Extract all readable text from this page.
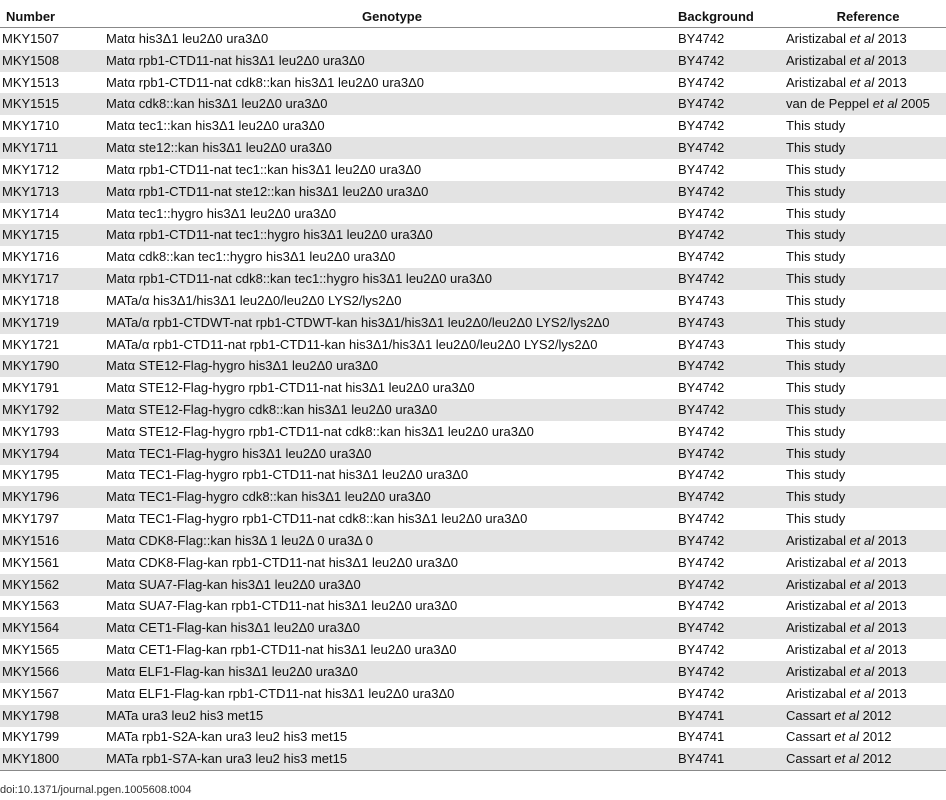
Number	Genotype	Background	Reference
MKY1507	Matα his3Δ1 leu2Δ0 ura3Δ0	BY4742	Aristizabal et al 2013
MKY1508	Matα rpb1-CTD11-nat his3Δ1 leu2Δ0 ura3Δ0	BY4742	Aristizabal et al 2013
MKY1513	Matα rpb1-CTD11-nat cdk8::kan his3Δ1 leu2Δ0 ura3Δ0	BY4742	Aristizabal et al 2013
MKY1515	Matα cdk8::kan his3Δ1 leu2Δ0 ura3Δ0	BY4742	van de Peppel et al 2005
MKY1710	Matα tec1::kan his3Δ1 leu2Δ0 ura3Δ0	BY4742	This study
MKY1711	Matα ste12::kan his3Δ1 leu2Δ0 ura3Δ0	BY4742	This study
MKY1712	Matα rpb1-CTD11-nat tec1::kan his3Δ1 leu2Δ0 ura3Δ0	BY4742	This study
MKY1713	Matα rpb1-CTD11-nat ste12::kan his3Δ1 leu2Δ0 ura3Δ0	BY4742	This study
MKY1714	Matα tec1::hygro his3Δ1 leu2Δ0 ura3Δ0	BY4742	This study
MKY1715	Matα rpb1-CTD11-nat tec1::hygro his3Δ1 leu2Δ0 ura3Δ0	BY4742	This study
MKY1716	Matα cdk8::kan tec1::hygro his3Δ1 leu2Δ0 ura3Δ0	BY4742	This study
MKY1717	Matα rpb1-CTD11-nat cdk8::kan tec1::hygro his3Δ1 leu2Δ0 ura3Δ0	BY4742	This study
MKY1718	MATa/α his3Δ1/his3Δ1 leu2Δ0/leu2Δ0 LYS2/lys2Δ0	BY4743	This study
MKY1719	MATa/α rpb1-CTDWT-nat rpb1-CTDWT-kan his3Δ1/his3Δ1 leu2Δ0/leu2Δ0 LYS2/lys2Δ0	BY4743	This study
MKY1721	MATa/α rpb1-CTD11-nat rpb1-CTD11-kan his3Δ1/his3Δ1 leu2Δ0/leu2Δ0 LYS2/lys2Δ0	BY4743	This study
MKY1790	Matα STE12-Flag-hygro his3Δ1 leu2Δ0 ura3Δ0	BY4742	This study
MKY1791	Matα STE12-Flag-hygro rpb1-CTD11-nat his3Δ1 leu2Δ0 ura3Δ0	BY4742	This study
MKY1792	Matα STE12-Flag-hygro cdk8::kan his3Δ1 leu2Δ0 ura3Δ0	BY4742	This study
MKY1793	Matα STE12-Flag-hygro rpb1-CTD11-nat cdk8::kan his3Δ1 leu2Δ0 ura3Δ0	BY4742	This study
MKY1794	Matα TEC1-Flag-hygro his3Δ1 leu2Δ0 ura3Δ0	BY4742	This study
MKY1795	Matα TEC1-Flag-hygro rpb1-CTD11-nat his3Δ1 leu2Δ0 ura3Δ0	BY4742	This study
MKY1796	Matα TEC1-Flag-hygro cdk8::kan his3Δ1 leu2Δ0 ura3Δ0	BY4742	This study
MKY1797	Matα TEC1-Flag-hygro rpb1-CTD11-nat cdk8::kan his3Δ1 leu2Δ0 ura3Δ0	BY4742	This study
MKY1516	Matα CDK8-Flag::kan his3Δ 1 leu2Δ 0 ura3Δ 0	BY4742	Aristizabal et al 2013
MKY1561	Matα CDK8-Flag-kan rpb1-CTD11-nat his3Δ1 leu2Δ0 ura3Δ0	BY4742	Aristizabal et al 2013
MKY1562	Matα SUA7-Flag-kan his3Δ1 leu2Δ0 ura3Δ0	BY4742	Aristizabal et al 2013
MKY1563	Matα SUA7-Flag-kan rpb1-CTD11-nat his3Δ1 leu2Δ0 ura3Δ0	BY4742	Aristizabal et al 2013
MKY1564	Matα CET1-Flag-kan his3Δ1 leu2Δ0 ura3Δ0	BY4742	Aristizabal et al 2013
MKY1565	Matα CET1-Flag-kan rpb1-CTD11-nat his3Δ1 leu2Δ0 ura3Δ0	BY4742	Aristizabal et al 2013
MKY1566	Matα ELF1-Flag-kan his3Δ1 leu2Δ0 ura3Δ0	BY4742	Aristizabal et al 2013
MKY1567	Matα ELF1-Flag-kan rpb1-CTD11-nat his3Δ1 leu2Δ0 ura3Δ0	BY4742	Aristizabal et al 2013
MKY1798	MATa ura3 leu2 his3 met15	BY4741	Cassart et al 2012
MKY1799	MATa rpb1-S2A-kan ura3 leu2 his3 met15	BY4741	Cassart et al 2012
MKY1800	MATa rpb1-S7A-kan ura3 leu2 his3 met15	BY4741	Cassart et al 2012
doi:10.1371/journal.pgen.1005608.t004
